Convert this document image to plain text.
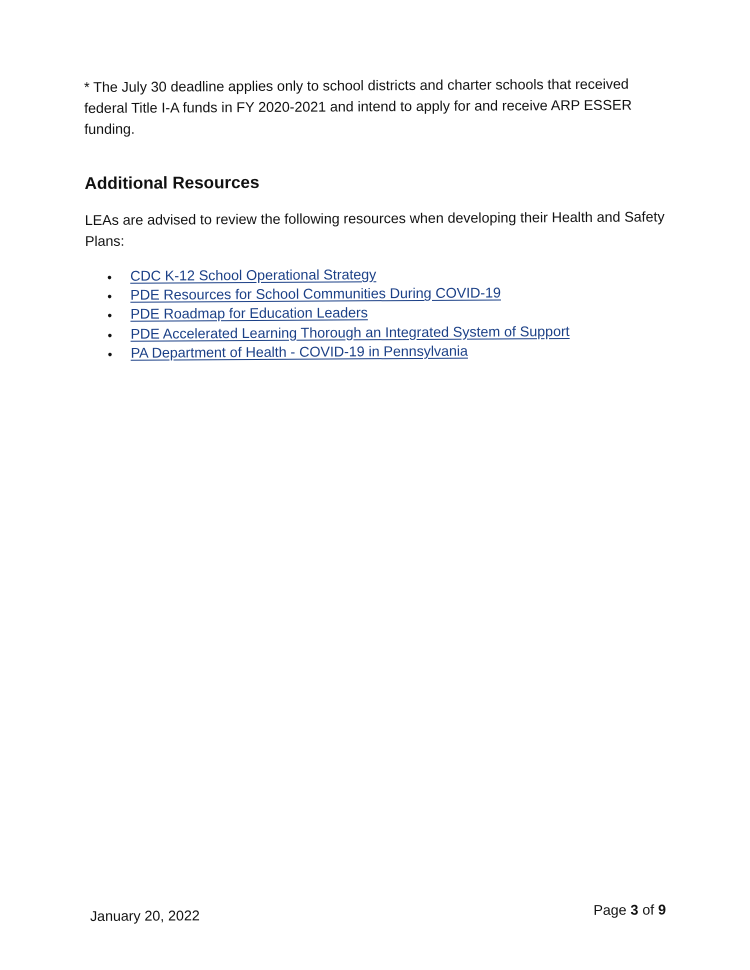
* The July 30 deadline applies only to school districts and charter schools that received federal Title I-A funds in FY 2020-2021 and intend to apply for and receive ARP ESSER funding.

Additional Resources

LEAs are advised to review the following resources when developing their Health and Safety Plans:

• CDC K-12 School Operational Strategy
• PDE Resources for School Communities During COVID-19
• PDE Roadmap for Education Leaders
• PDE Accelerated Learning Thorough an Integrated System of Support
• PA Department of Health - COVID-19 in Pennsylvania
January 20, 2022	Page 3 of 9
